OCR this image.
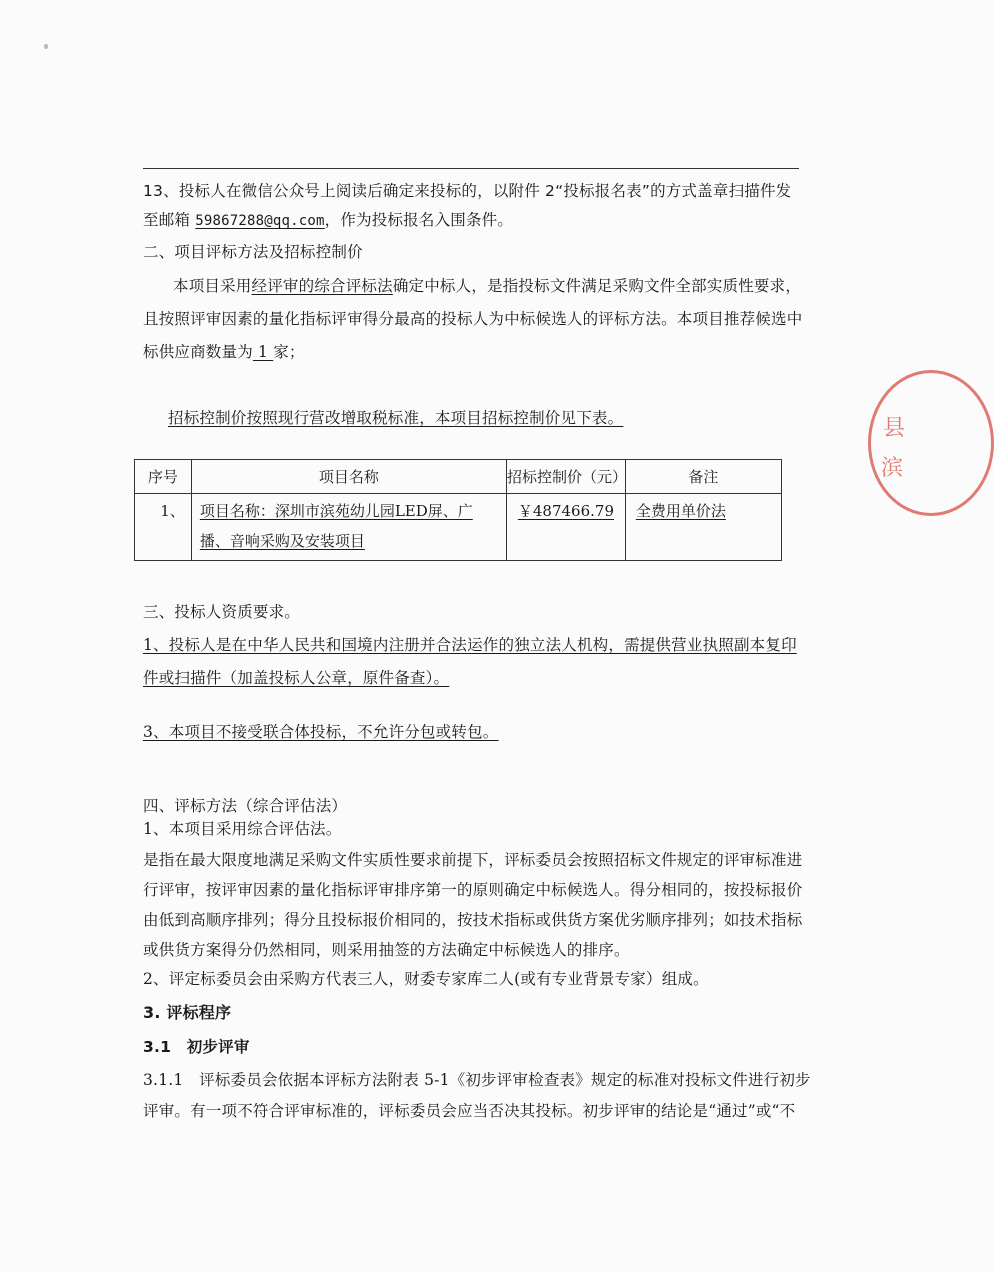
13、投标人在微信公众号上阅读后确定来投标的，以附件 2“投标报名表”的方式盖章扫描件发
至邮箱 59867288@qq.com，作为投标报名入围条件。
二、项目评标方法及招标控制价
本项目采用经评审的综合评标法确定中标人，是指投标文件满足采购文件全部实质性要求，
且按照评审因素的量化指标评审得分最高的投标人为中标候选人的评标方法。本项目推荐候选中
标供应商数量为 1 家；
招标控制价按照现行营改增取税标准，本项目招标控制价见下表。
序号	项目名称	招标控制价（元）	备注
1、	项目名称：深圳市滨苑幼儿园LED屏、广播、音响采购及安装项目	￥487466.79	全费用单价法
三、投标人资质要求。
1、投标人是在中华人民共和国境内注册并合法运作的独立法人机构，需提供营业执照副本复印
件或扫描件（加盖投标人公章，原件备查）。
3、本项目不接受联合体投标，不允许分包或转包。
四、评标方法（综合评估法）
1、本项目采用综合评估法。
是指在最大限度地满足采购文件实质性要求前提下，评标委员会按照招标文件规定的评审标准进
行评审，按评审因素的量化指标评审排序第一的原则确定中标候选人。得分相同的，按投标报价
由低到高顺序排列；得分且投标报价相同的，按技术指标或供货方案优劣顺序排列；如技术指标
或供货方案得分仍然相同，则采用抽签的方法确定中标候选人的排序。
2、评定标委员会由采购方代表三人，财委专家库二人(或有专业背景专家）组成。
3. 评标程序
3.1　初步评审
3.1.1　评标委员会依据本评标方法附表 5-1《初步评审检查表》规定的标准对投标文件进行初步
评审。有一项不符合评审标准的，评标委员会应当否决其投标。初步评审的结论是“通过”或“不
县
滨
